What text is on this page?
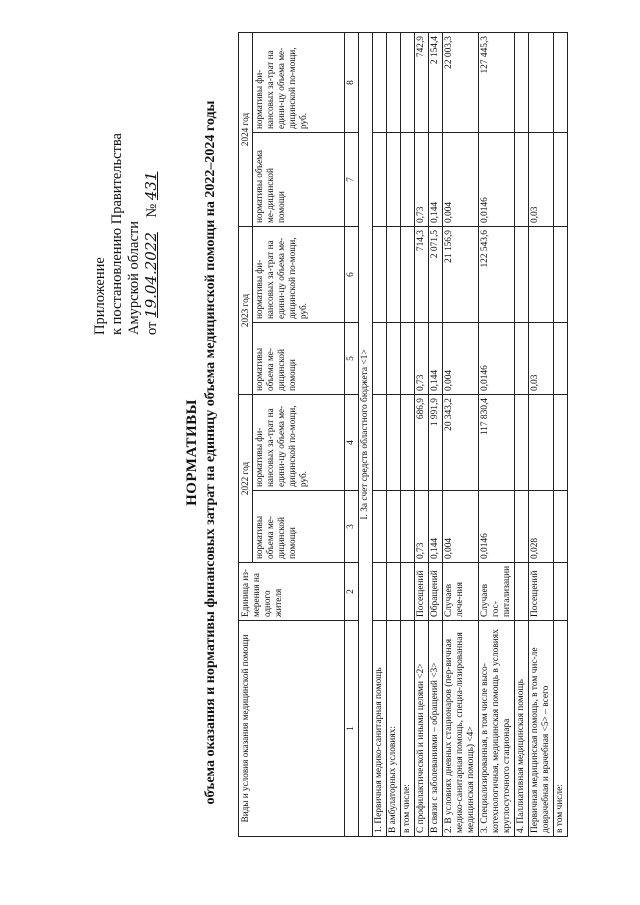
Приложение к постановлению Правительства Амурской области от 19.04.2022    № 431
НОРМАТИВЫ объема оказания и нормативы финансовых затрат на единицу объема медицинской помощи на 2022–2024 годы Виды и условия оказания медицинской помощи	Единица из-мерения на одного жителя	2022 год		2023 год		2024 год	
		нормативы объема ме-дицинской помощи	нормативы фи-нансовых за-трат на едини-цу объема ме-дицинской по-мощи, руб.	нормативы объема ме-дицинской помощи	нормативы фи-нансовых за-трат на едини-цу объема ме-дицинской по-мощи, руб.	нормативы объема ме-дицинской помощи	нормативы фи-нансовых за-трат на едини-цу объема ме-дицинской по-мощи, руб.
1	2	3	4	5	6	7	8
I. За счет средств областного бюджета <1>							
1. Первичная медико-санитарная помощь							
В амбулаторных условиях:							
в том числе:							
С профилактической и иными целями <2>	Посещений	0,73	686,9	0,73	714,3	0,73	742,9
В связи с заболеваниями – обращений <3>	Обращений	0,144	1 991,9	0,144	2 071,5	0,144	2 154,4
2. В условиях дневных стационаров (пер-вичная медико-санитарная помощь, специа-лизированная медицинская помощь) <4>	Случаев лече-ния	0,004	20 343,2	0,004	21 156,9	0,004	22 003,3
3. Специализированная, в том числе высо-котехнологичная, медицинская помощь в условиях круглосуточного стационара	Случаев гос-питализации	0,0146	117 830,4	0,0146	122 543,6	0,0146	127 445,3
4. Паллиативная медицинская помощь							
Первичная медицинская помощь, в том чис-ле доврачебная и врачебная <5> – всего	Посещений	0,028		0,03		0,03	
в том числе:							
